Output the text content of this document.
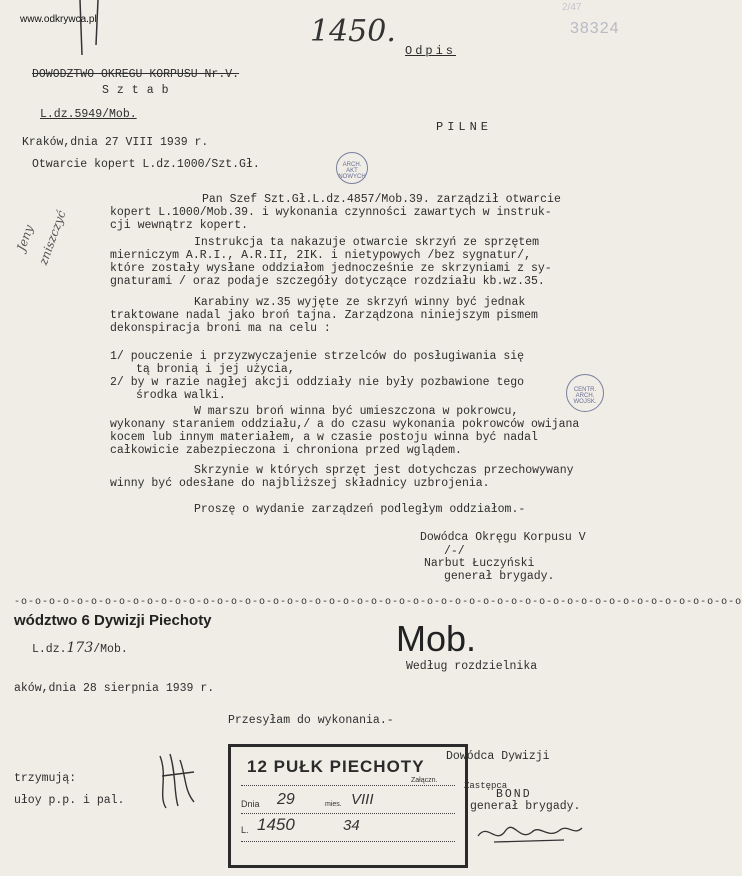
www.odkrywca.pl
2/47
38324
1450.
Odpis
DOWODZTWO OKREGU KORPUSU Nr.V.
Sztab
L.dz.5949/Mob.
PILNE
Kraków,dnia 27 VIII 1939 r.
Otwarcie kopert L.dz.1000/Szt.Gł.	ARCH. AKT NOWYCH
Jeny zniszczyć
Pan Szef Szt.Gł.L.dz.4857/Mob.39. zarządził otwarcie
kopert L.1000/Mob.39. i wykonania czynności zawartych w instruk-
cji wewnątrz kopert.
Instrukcja ta nakazuje otwarcie skrzyń ze sprzętem
mierniczym A.R.I., A.R.II, 2IK. i nietypowych /bez sygnatur/,
które zostały wysłane oddziałom jednocześnie ze skrzyniami z sy-
gnaturami / oraz podaje szczegóły dotyczące rozdziału kb.wz.35.
Karabiny wz.35 wyjęte ze skrzyń winny być jednak
traktowane nadal jako broń tajna. Zarządzona niniejszym pismem
dekonspiracja broni ma na celu :
1/ pouczenie i przyzwyczajenie strzelców do posługiwania się
tą bronią i jej użycia,
2/ by w razie nagłej akcji oddziały nie były pozbawione tego
środka walki.	CENTR. ARCH. WOJSK.
W marszu broń winna być umieszczona w pokrowcu,
wykonany staraniem oddziału,/ a do czasu wykonania pokrowców owijana
kocem lub innym materiałem, a w czasie postoju winna być nadal
całkowicie zabezpieczona i chroniona przed wglądem.
Skrzynie w których sprzęt jest dotychczas przechowywany
winny być odesłane do najbliższej składnicy uzbrojenia.
Proszę o wydanie zarządzeń podległym oddziałom.-
Dowódca Okręgu Korpusu V
/-/
Narbut Łuczyński
generał brygady.
-o-o-o-o-o-o-o-o-o-o-o-o-o-o-o-o-o-o-o-o-o-o-o-o-o-o-o-o-o-o-o-o-o-o-o-o-o-o-o-o-o-o-o-o-o-o-o-o-o-o-o-o
wództwo 6 Dywizji Piechoty	Mob.
L.dz.173/Mob.
Według rozdzielnika
aków,dnia 28 sierpnia 1939 r.
Przesyłam do wykonania.-
Dowódca Dywizji
trzymują:
ułoy p.p. i pal.
Zastępca
BOND
generał brygady.
12 PUŁK PIECHOTY
Dnia 29	mies. VIII
L. 1450	34
Załączn.
